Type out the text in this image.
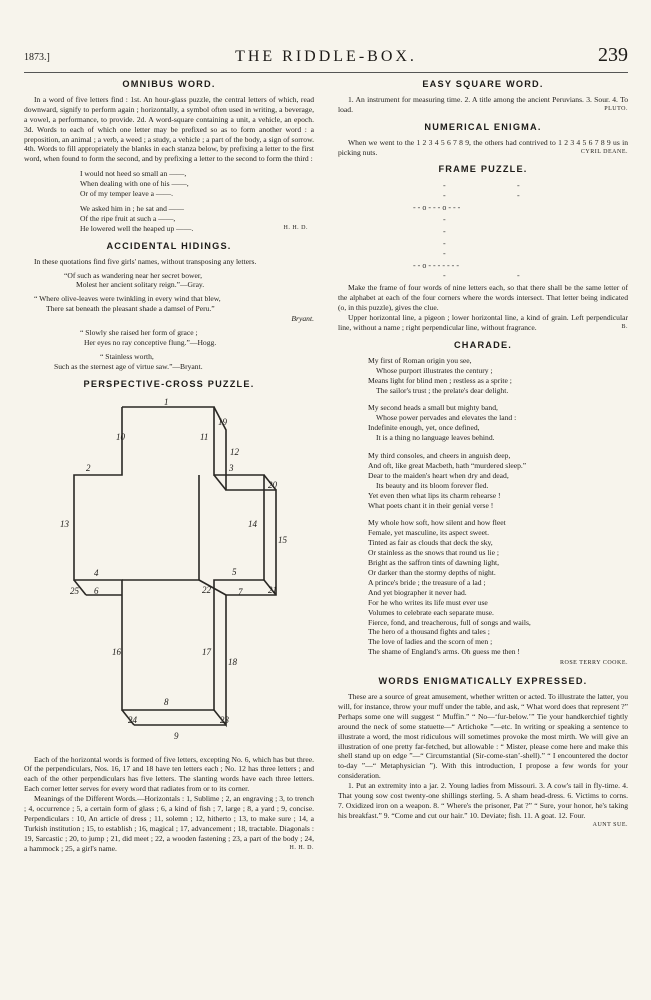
1873.]	THE RIDDLE-BOX.	239
OMNIBUS WORD.

In a word of five letters find : 1st. An hour-glass puzzle, the central letters of which, read downward, signify to perform again ; horizontally, a symbol often used in writing, a beverage, a vowel, a performance, to provide. 2d. A word-square containing a unit, a vehicle, an epoch. 3d. Words to each of which one letter may be prefixed so as to form another word : a preposition, an animal ; a verb, a weed ; a study, a vehicle ; a part of the body, a sign of sorrow. 4th. Words to fill appropriately the blanks in each stanza below, by prefixing a letter to the first word, when found to form the second, and by prefixing a letter to the second to form the third :

I would not heed so small an ——,
When dealing with one of his ——,
Or of my temper leave a ——.
We asked him in ; he sat and ——
Of the ripe fruit at such a ——,
He lowered well the heaped up ——.	H. H. D.
ACCIDENTAL HIDINGS.

In these quotations find five girls' names, without transposing any letters.

“Of such as wandering near her secret bower,
Molest her ancient solitary reign.”—Gray.
“ Where olive-leaves were twinkling in every wind that blew,
There sat beneath the pleasant shade a damsel of Peru.”
Bryant.
“ Slowly she raised her form of grace ;
Her eyes no ray conceptive flung.”—Hogg.
“ Stainless worth,
Such as the sternest age of virtue saw.”—Bryant.
PERSPECTIVE-CROSS PUZZLE.
1
2	3
4	5
6	7
8
9
10	11
12
13	14
15
16	17
18
19
20
21
22
23
24
25

Each of the horizontal words is formed of five letters, excepting No. 6, which has but three. Of the perpendiculars, Nos. 16, 17 and 18 have ten letters each ; No. 12 has three letters ; and each of the other perpendiculars has five letters. The slanting words have each three letters. Each corner letter serves for every word that radiates from or to its corner.

Meanings of the Different Words.—Horizontals : 1, Sublime ; 2, an engraving ; 3, to trench ; 4, occurrence ; 5, a certain form of glass ; 6, a kind of fish ; 7, large ; 8, a yard ; 9, concise. Perpendiculars : 10, An article of dress ; 11, solemn ; 12, hitherto ; 13, to make sure ; 14, a Turkish institution ; 15, to establish ; 16, magical ; 17, advancement ; 18, tractable. Diagonals : 19, Sarcastic ; 20, to jump ; 21, did meet ; 22, a wooden fastening ; 23, a part of the body ; 24, a hammock ; 25, a girl's name.	H. H. D.

EASY SQUARE WORD.

1. An instrument for measuring time. 2. A title among the ancient Peruvians. 3. Sour. 4. To load.	PLUTO.

NUMERICAL ENIGMA.

When we went to the 1 2 3 4 5 6 7 8 9, the others had contrived to 1 2 3 4 5 6 7 8 9 us in picking nuts.	CYRIL DEANE.

FRAME PUZZLE.
-	-
-	-
- - o - - - o - - -
-
-
-
-
- - o - - - - - - -
-	-

Make the frame of four words of nine letters each, so that there shall be the same letter of the alphabet at each of the four corners where the words intersect. That letter being indicated (o, in this puzzle), gives the clue.

Upper horizontal line, a pigeon ; lower horizontal line, a kind of grain. Left perpendicular line, without a name ; right perpendicular line, without fragrance.	B.

CHARADE.
My first of Roman origin you see,
Whose purport illustrates the century ;
Means light for blind men ; restless as a sprite ;
The sailor's trust ; the prelate's dear delight.
My second heads a small but mighty band,
Whose power pervades and elevates the land :
Indefinite enough, yet, once defined,
It is a thing no language leaves behind.
My third consoles, and cheers in anguish deep,
And oft, like great Macbeth, hath “murdered sleep.”
Dear to the maiden's heart when dry and dead,
Its beauty and its bloom forever fled.
Yet even then what lips its charm rehearse !
What poets chant it in their genial verse !
My whole how soft, how silent and how fleet
Female, yet masculine, its aspect sweet.
Tinted as fair as clouds that deck the sky,
Or stainless as the snows that round us lie ;
Bright as the saffron tints of dawning light,
Or darker than the stormy depths of night.
A prince's bride ; the treasure of a lad ;
And yet biographer it never had.
For he who writes its life must ever use
Volumes to celebrate each separate muse.
Fierce, fond, and treacherous, full of songs and wails,
The hero of a thousand fights and tales ;
The love of ladies and the scorn of men ;
The shame of England's arms. Oh guess me then !
ROSE TERRY COOKE.
WORDS ENIGMATICALLY EXPRESSED.

These are a source of great amusement, whether written or acted. To illustrate the latter, you will, for instance, throw your muff under the table, and ask, “ What word does that represent ?” Perhaps some one will suggest “ Muffin.” “ No—‘fur-below.’” Tie your handkerchief tightly around the neck of some statuette—“ Artichoke ”—etc. In writing or speaking a sentence to illustrate a word, the most ridiculous will sometimes provoke the most mirth. We will give an illustration of one pretty far-fetched, but allowable : “ Mister, please come here and make this shell stand up on edge ”—“ Circumstantial (Sir-come-stan’-shell).” “ I encountered the doctor to-day ”—“ Metaphysician ”). With this introduction, I propose a few words for your consideration.

1. Put an extremity into a jar. 2. Young ladies from Missouri. 3. A cow's tail in fly-time. 4. That young sow cost twenty-one shillings sterling. 5. A sham head-dress. 6. Victims to corns. 7. Oxidized iron on a weapon. 8. “ Where's the prisoner, Pat ?” “ Sure, your honor, he's taking his breakfast.” 9. “Come and cut our hair.” 10. Deviate; fish. 11. A goat. 12. Four.
AUNT SUE.
